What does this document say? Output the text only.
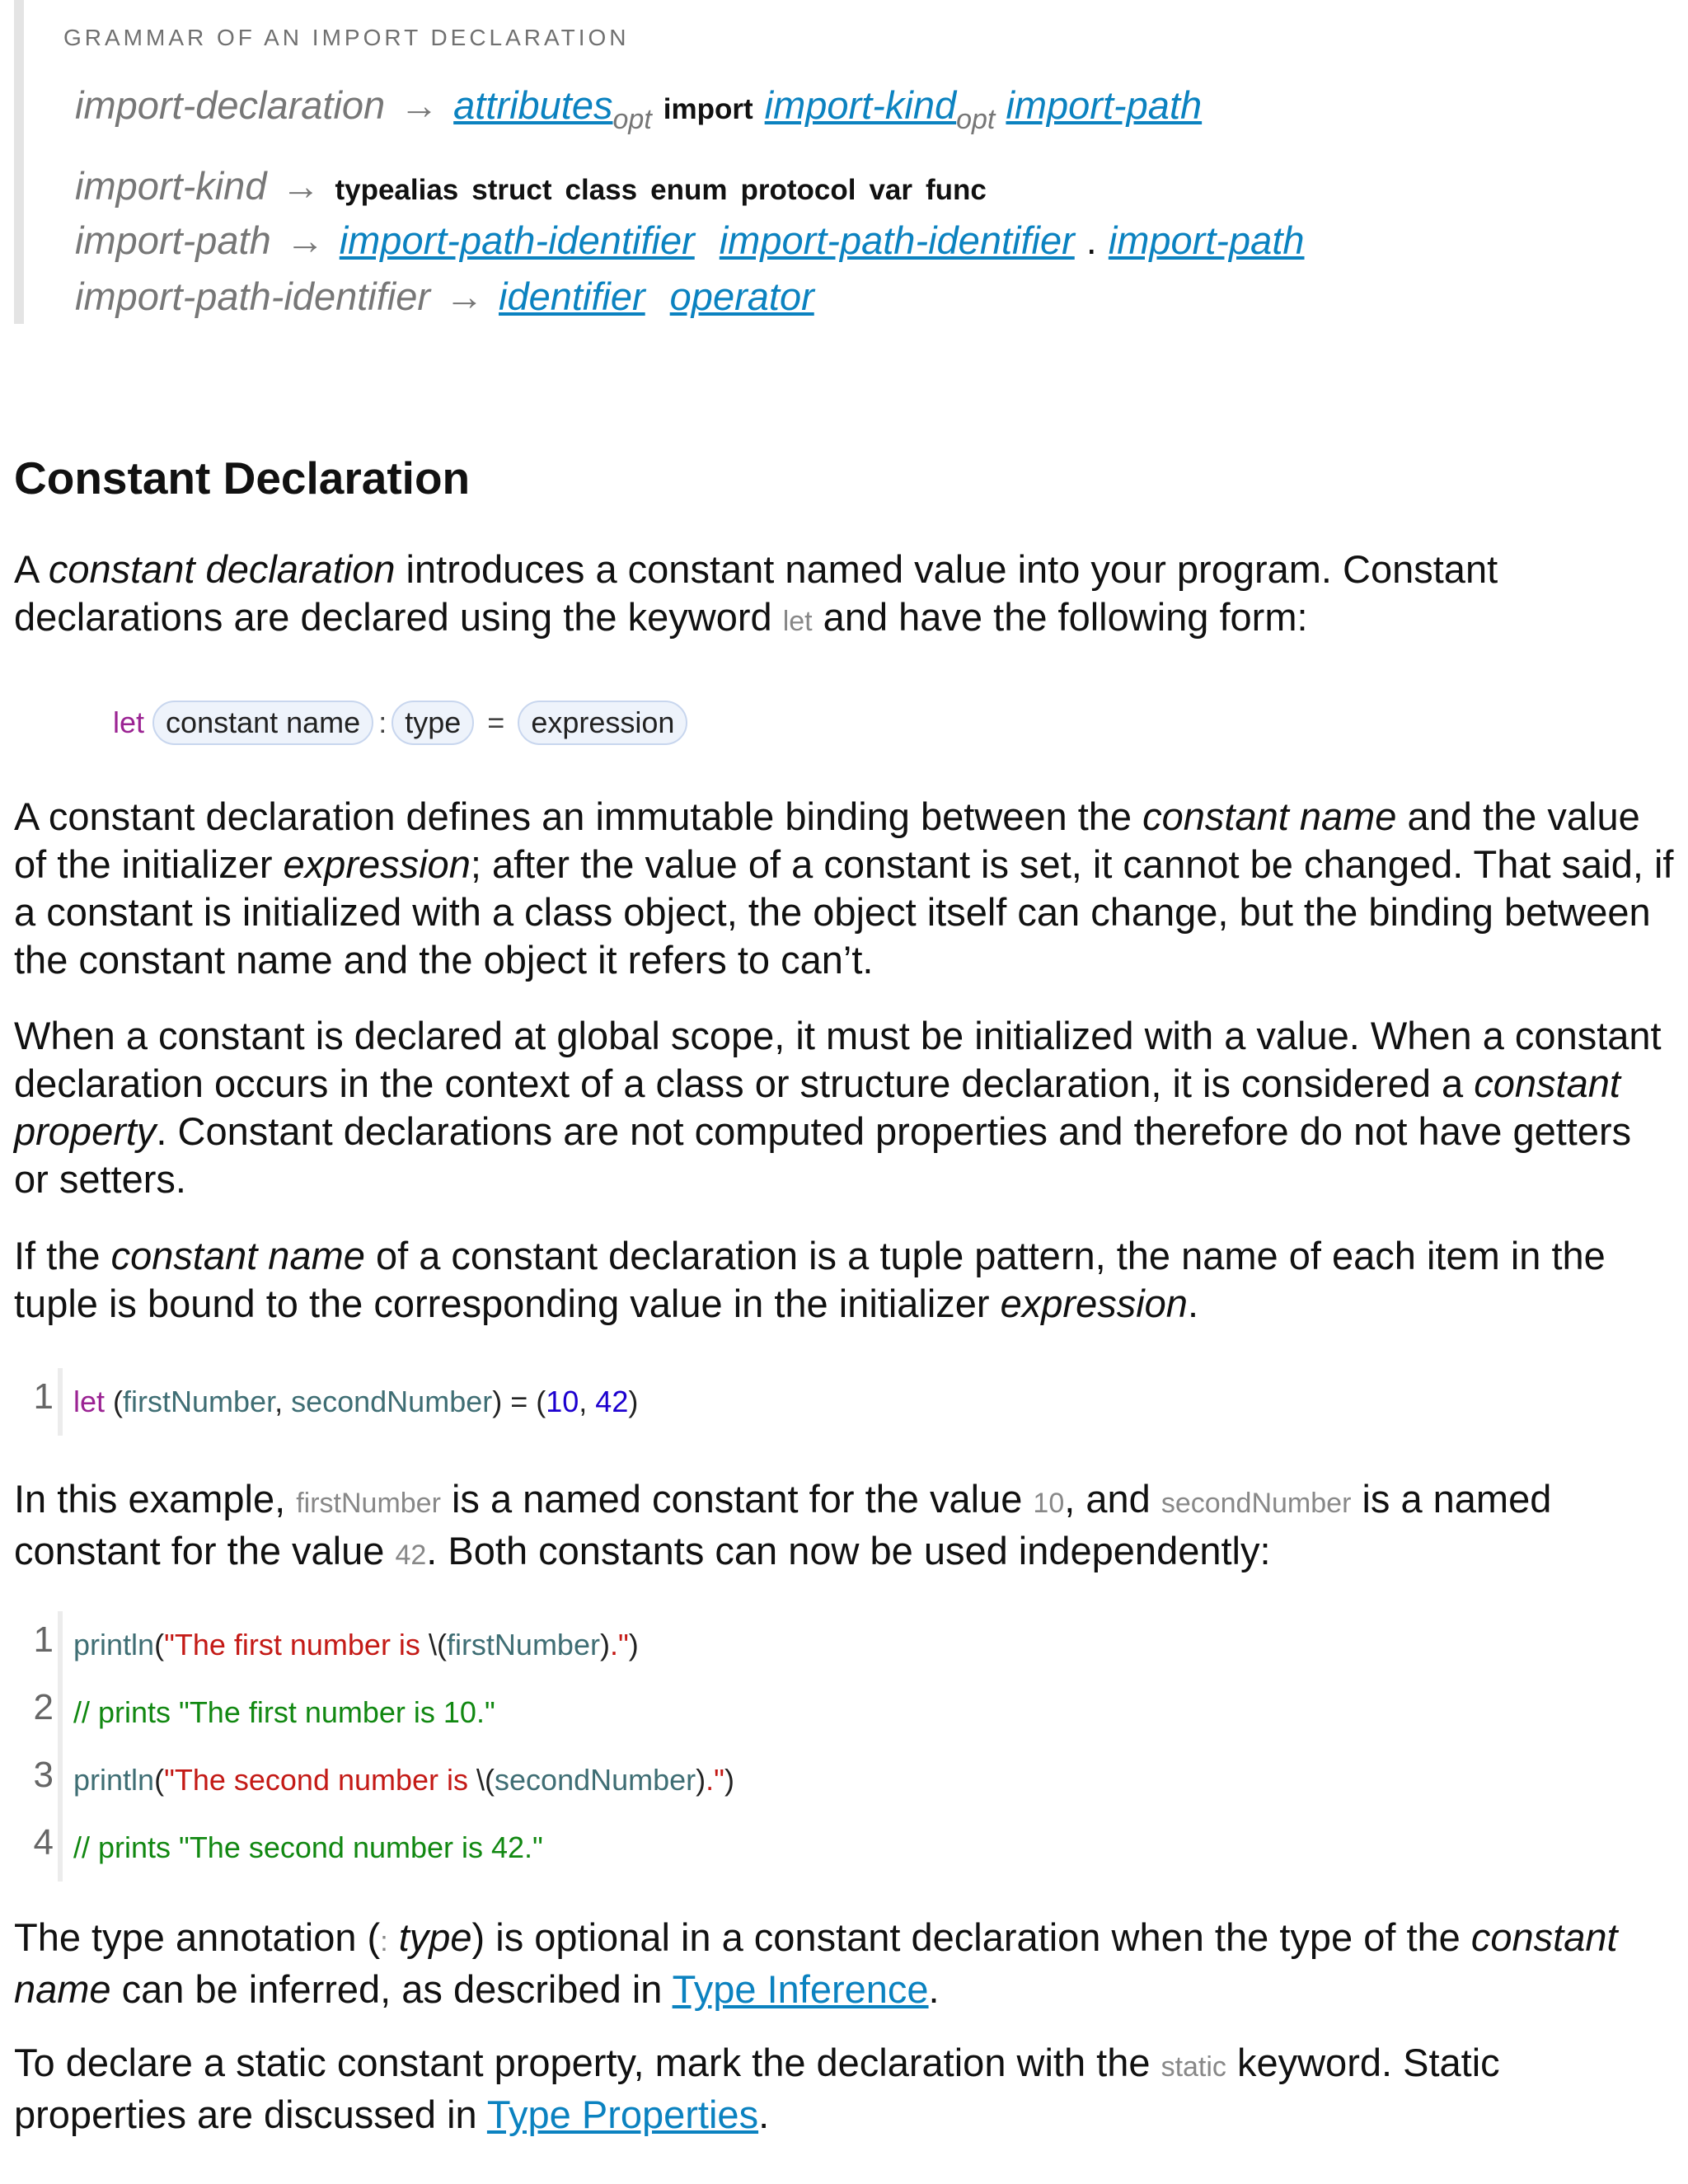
GRAMMAR OF AN IMPORT DECLARATION
import-declaration → attributes$_{opt}$ import import-kind$_{opt}$ import-path
import-kind → typealias struct class enum protocol var func
import-path → import-path-identifier import-path-identifier . import-path
import-path-identifier → identifier operator
Constant Declaration

A constant declaration introduces a constant named value into your program. Constant declarations are declared using the keyword let and have the following form:

let constant name : type = expression

A constant declaration defines an immutable binding between the constant name and the value of the initializer expression; after the value of a constant is set, it cannot be changed. That said, if a constant is initialized with a class object, the object itself can change, but the binding between the constant name and the object it refers to can’t.

When a constant is declared at global scope, it must be initialized with a value. When a constant declaration occurs in the context of a class or structure declaration, it is considered a constant property. Constant declarations are not computed properties and therefore do not have getters or setters.

If the constant name of a constant declaration is a tuple pattern, the name of each item in the tuple is bound to the corresponding value in the initializer expression.

1 let (firstNumber, secondNumber) = (10, 42)

In this example, firstNumber is a named constant for the value 10, and secondNumber is a named constant for the value 42. Both constants can now be used independently:

1 println("The first number is \(firstNumber).")
2 // prints "The first number is 10."
3 println("The second number is \(secondNumber).")
4 // prints "The second number is 42."

The type annotation (: type) is optional in a constant declaration when the type of the constant name can be inferred, as described in Type Inference.

To declare a static constant property, mark the declaration with the static keyword. Static properties are discussed in Type Properties.
